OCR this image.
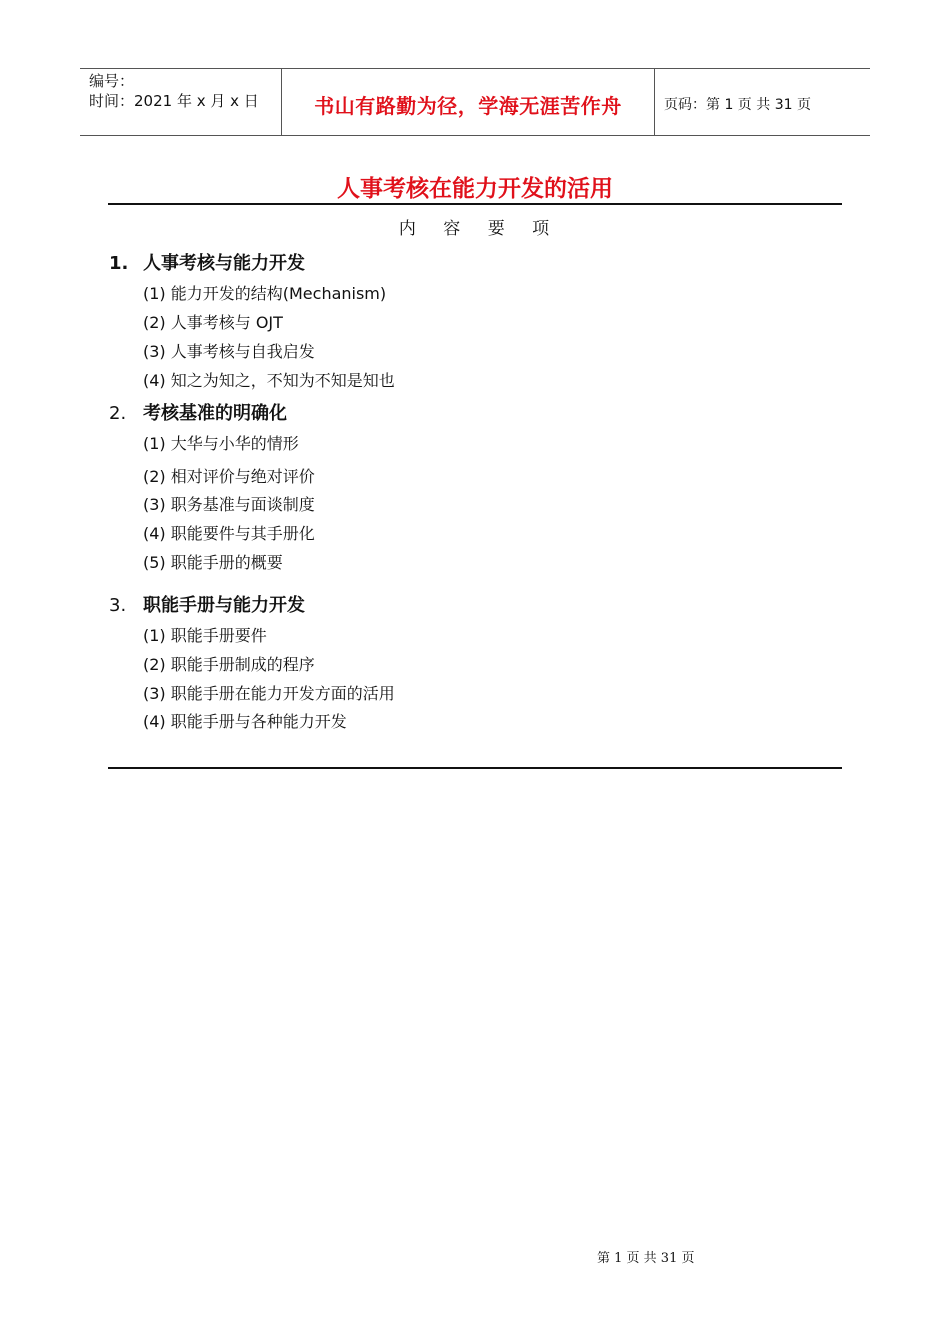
编号：
时间：2021 年 x 月 x 日	书山有路勤为径，学海无涯苦作舟	页码：第 1 页 共 31 页
人事考核在能力开发的活用
内 容 要 项
1. 人事考核与能力开发
(1) 能力开发的结构(Mechanism)
(2) 人事考核与 OJT
(3) 人事考核与自我启发
(4) 知之为知之，不知为不知是知也
2. 考核基准的明确化
(1) 大华与小华的情形
(2) 相对评价与绝对评价
(3) 职务基准与面谈制度
(4) 职能要件与其手册化
(5) 职能手册的概要
3. 职能手册与能力开发
(1) 职能手册要件
(2) 职能手册制成的程序
(3) 职能手册在能力开发方面的活用
(4) 职能手册与各种能力开发
第 1 页 共 31 页
